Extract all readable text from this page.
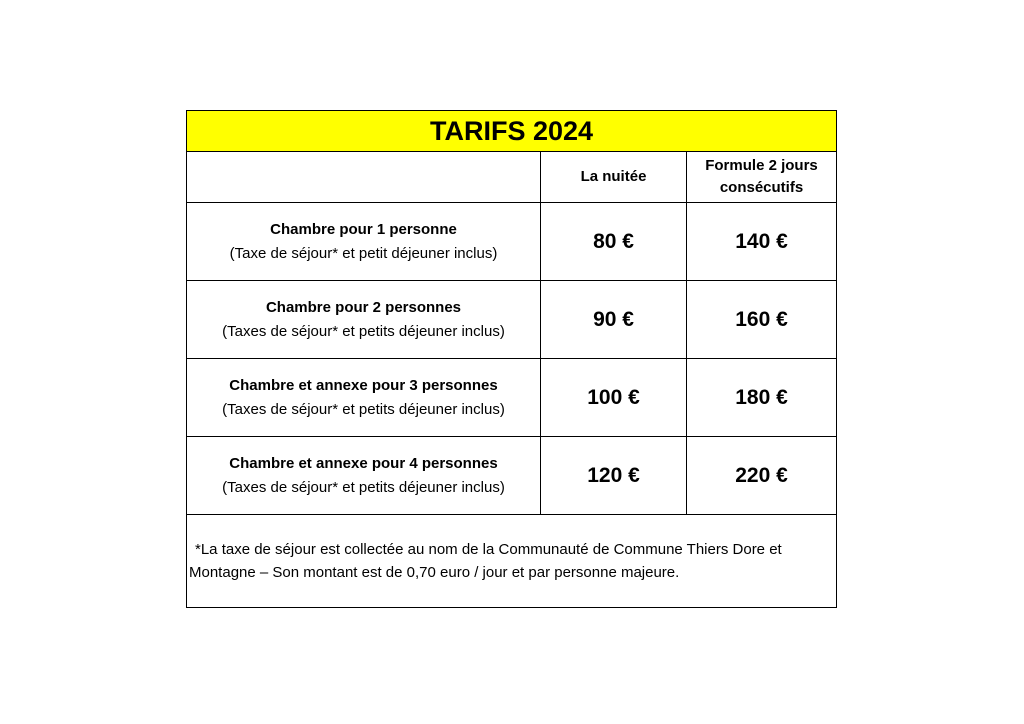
TARIFS 2024		
	La nuitée	Formule 2 jours consécutifs

Chambre pour 1 personne
(Taxe de séjour* et petit déjeuner inclus)	80 €	140 €

Chambre pour 2 personnes
(Taxes de séjour* et petits déjeuner inclus)	90 €	160 €

Chambre et annexe pour 3 personnes
(Taxes de séjour* et petits déjeuner inclus)	100 €	180 €

Chambre et annexe pour 4 personnes
(Taxes de séjour* et petits déjeuner inclus)	120 €	220 €

*La taxe de séjour est collectée au nom de la Communauté de Commune Thiers Dore et Montagne – Son montant est de 0,70 euro / jour et par personne majeure.		
